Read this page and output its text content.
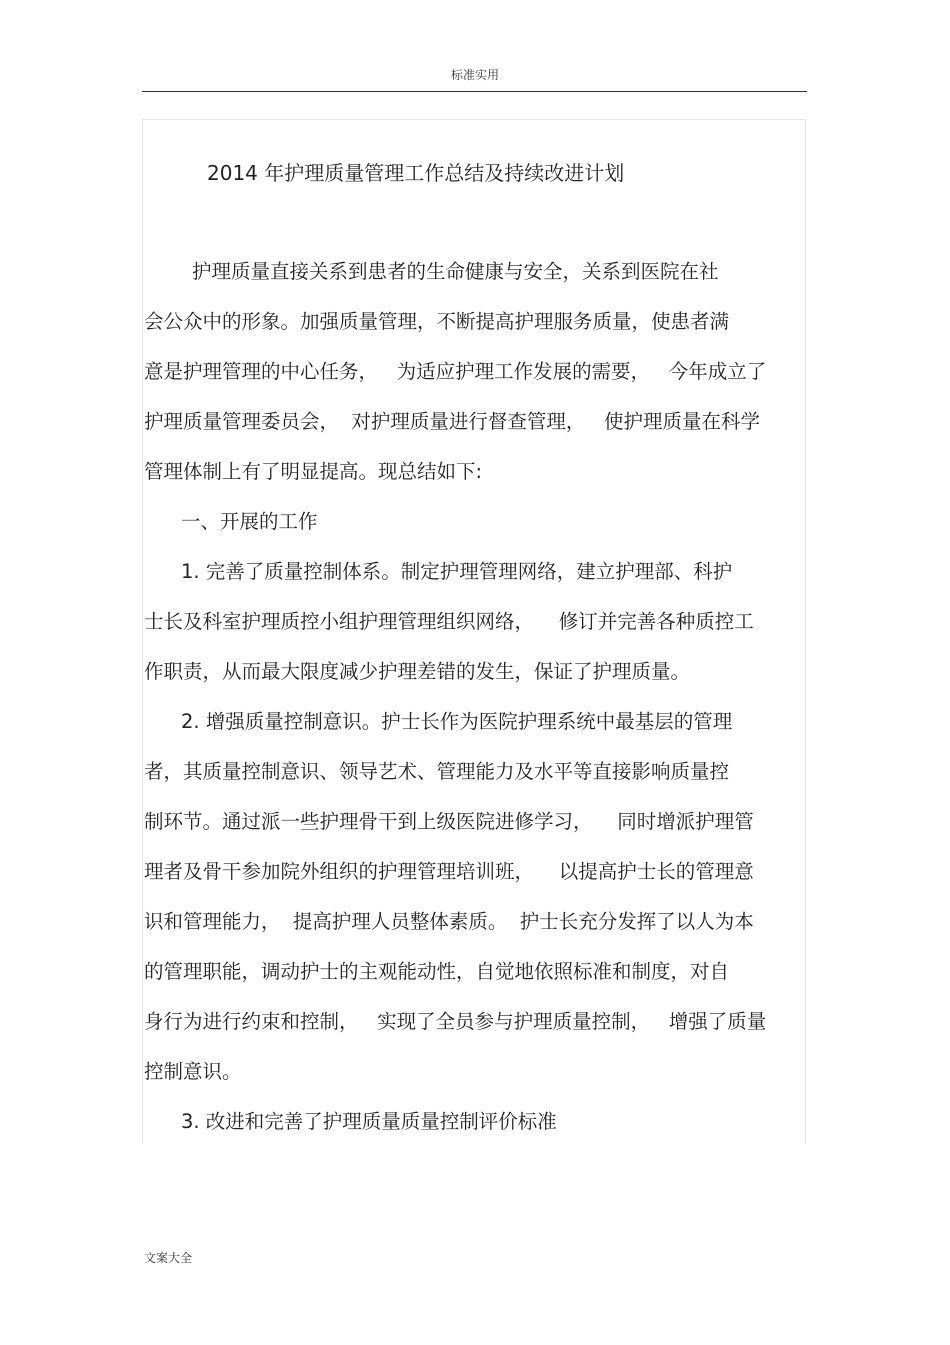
标准实用
2014 年护理质量管理工作总结及持续改进计划
护理质量直接关系到患者的生命健康与安全，关系到医院在社
会公众中的形象。加强质量管理，不断提高护理服务质量，使患者满
意是护理管理的中心任务，   为适应护理工作发展的需要，   今年成立了
护理质量管理委员会，  对护理质量进行督查管理，   使护理质量在科学
管理体制上有了明显提高。现总结如下:
一、开展的工作
1. 完善了质量控制体系。制定护理管理网络，建立护理部、科护
士长及科室护理质控小组护理管理组织网络，    修订并完善各种质控工
作职责，从而最大限度减少护理差错的发生，保证了护理质量。
2. 增强质量控制意识。护士长作为医院护理系统中最基层的管理
者，其质量控制意识、领导艺术、管理能力及水平等直接影响质量控
制环节。通过派一些护理骨干到上级医院进修学习，    同时增派护理管
理者及骨干参加院外组织的护理管理培训班，    以提高护士长的管理意
识和管理能力，  提高护理人员整体素质。  护士长充分发挥了以人为本
的管理职能，调动护士的主观能动性，自觉地依照标准和制度，对自
身行为进行约束和控制，   实现了全员参与护理质量控制，   增强了质量
控制意识。
3. 改进和完善了护理质量质量控制评价标准
文案大全
